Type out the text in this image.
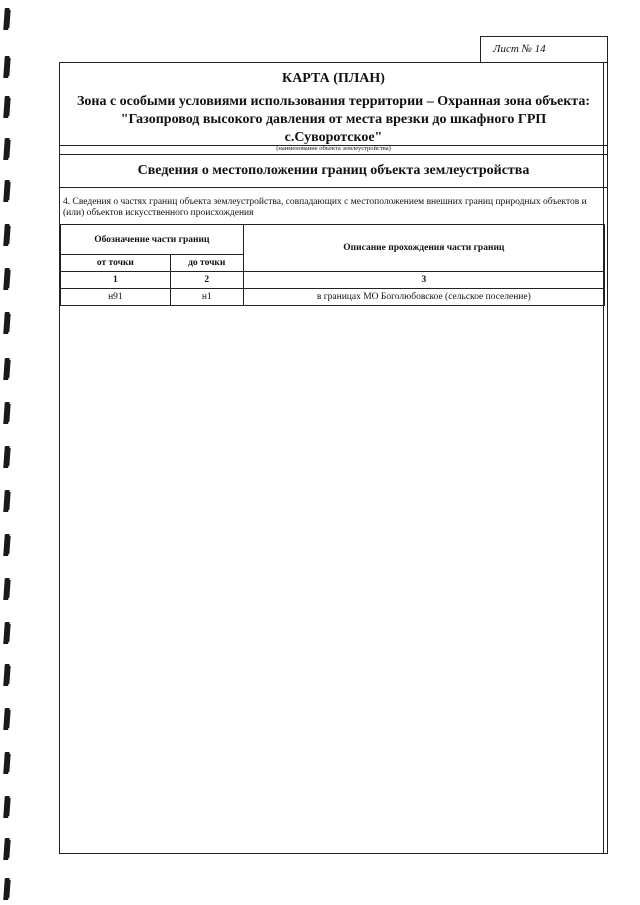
Лист № 14
КАРТА (ПЛАН)
Зона с особыми условиями использования территории – Охранная зона объекта:
"Газопровод высокого давления от места врезки до шкафного ГРП
с.Суворотское"
(наименование объекта землеустройства)
Сведения о местоположении границ объекта землеустройства
4. Сведения о частях границ объекта землеустройства, совпадающих с местоположением внешних границ природных объектов и (или) объектов искусственного происхождения
Обозначение части границ		Описание прохождения части границ
от точки	до точки	
1	2	3
н91	н1	в границах МО Боголюбовское (сельское поселение)
